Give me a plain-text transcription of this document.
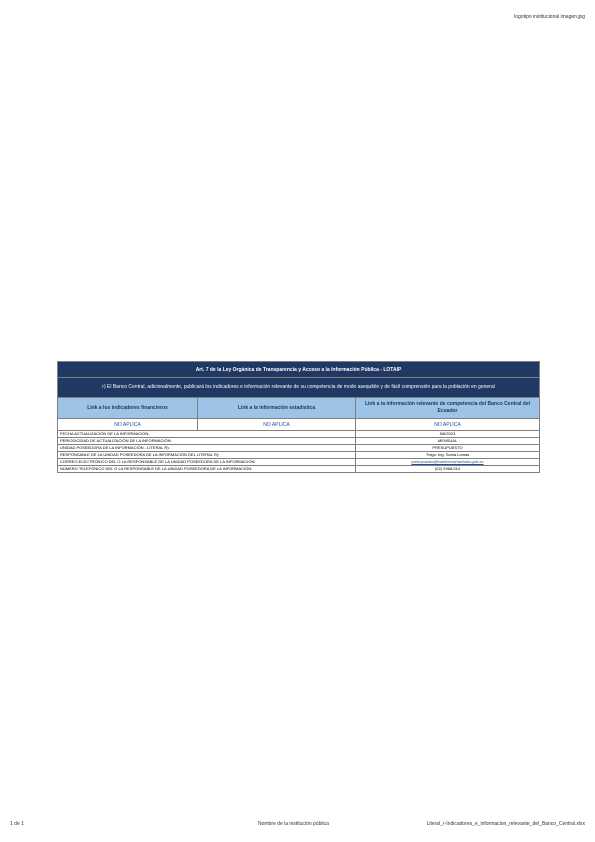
logotipo institucional imagen.jpg
Art. 7 de la Ley Orgánica de Transparencia y Acceso a la Información Pública - LOTAIP		
r) El Banco Central, adicionalmente, publicará los indicadores e información relevante de su competencia de modo asequible y de fácil comprensión para la población en general		
Link a los indicadores financieros	Link a la información estadística	Link a la información relevante de competencia del Banco Central del Ecuador
NO APLICA	NO APLICA	NO APLICA
FECHA ACTUALIZACIÓN DE LA INFORMACIÓN:		5/6/2023
PERIODICIDAD DE ACTUALIZACIÓN DE LA INFORMACIÓN:		MENSUAL
UNIDAD POSEEDORA DE LA INFORMACIÓN - LITERAL R):		PRESUPUESTO
RESPONSABLE DE LA UNIDAD POSEEDORA DE LA INFORMACIÓN DEL LITERAL R):		Tnlgo. Ing. Sonia Lomas
CORREO ELECTRÓNICO DEL O LA RESPONSABLE DE LA UNIDAD POSEEDORA DE LA INFORMACIÓN:		presupuesto@bomberosmachala.gob.ec
NÚMERO TELEFÓNICO DEL O LA RESPONSABLE DE LA UNIDAD POSEEDORA DE LA INFORMACIÓN:		(02) 2968-014
1 de 1	Nombre de la institución pública	Literal_r-Indicadores_e_informacion_relevante_del_Banco_Central.xlsx
